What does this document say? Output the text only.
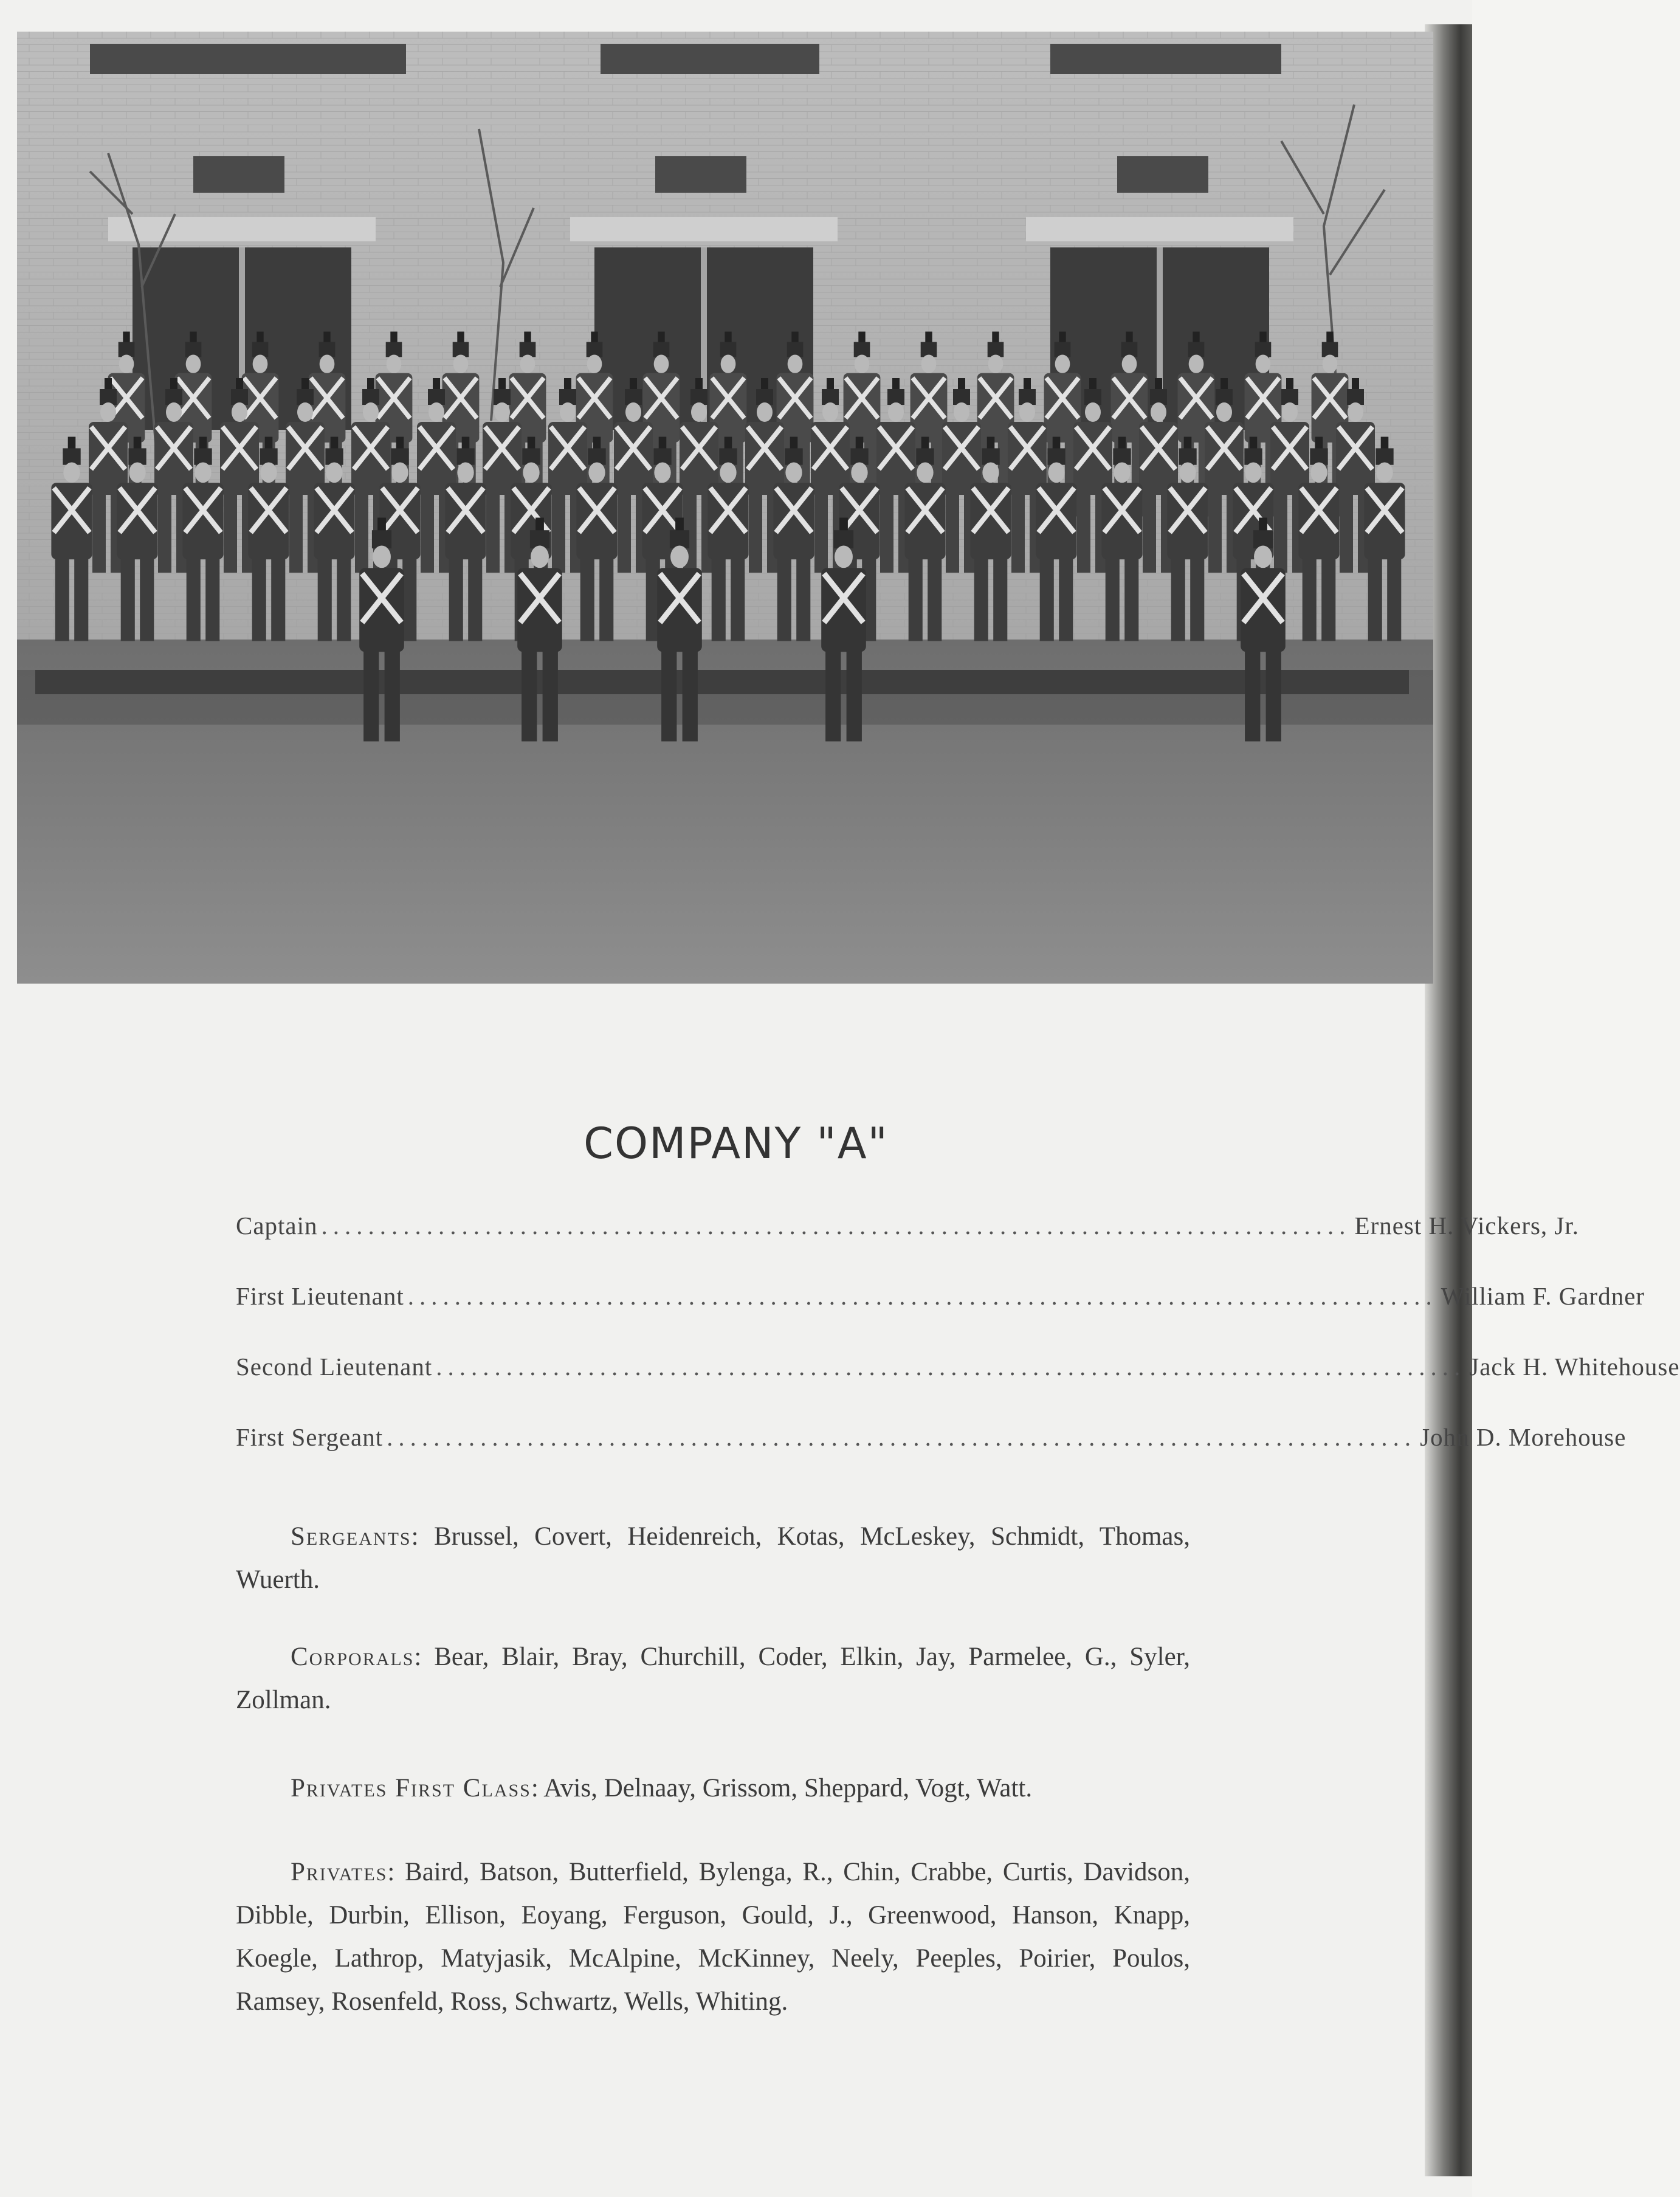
COMPANY "A"
Captain ........................................................................................ Ernest H. Vickers, Jr.
First Lieutenant ........................................................................................ William F. Gardner
Second Lieutenant ........................................................................................ Jack H. Whitehouse
First Sergeant ........................................................................................ John D. Morehouse

Sergeants: Brussel, Covert, Heidenreich, Kotas, McLeskey, Schmidt, Thomas, Wuerth.

Corporals: Bear, Blair, Bray, Churchill, Coder, Elkin, Jay, Parmelee, G., Syler, Zollman.

Privates First Class: Avis, Delnaay, Grissom, Sheppard, Vogt, Watt.

Privates: Baird, Batson, Butterfield, Bylenga, R., Chin, Crabbe, Curtis, Davidson, Dibble, Durbin, Ellison, Eoyang, Ferguson, Gould, J., Greenwood, Hanson, Knapp, Koegle, Lathrop, Matyjasik, McAlpine, McKinney, Neely, Peeples, Poirier, Poulos, Ramsey, Rosenfeld, Ross, Schwartz, Wells, Whiting.
